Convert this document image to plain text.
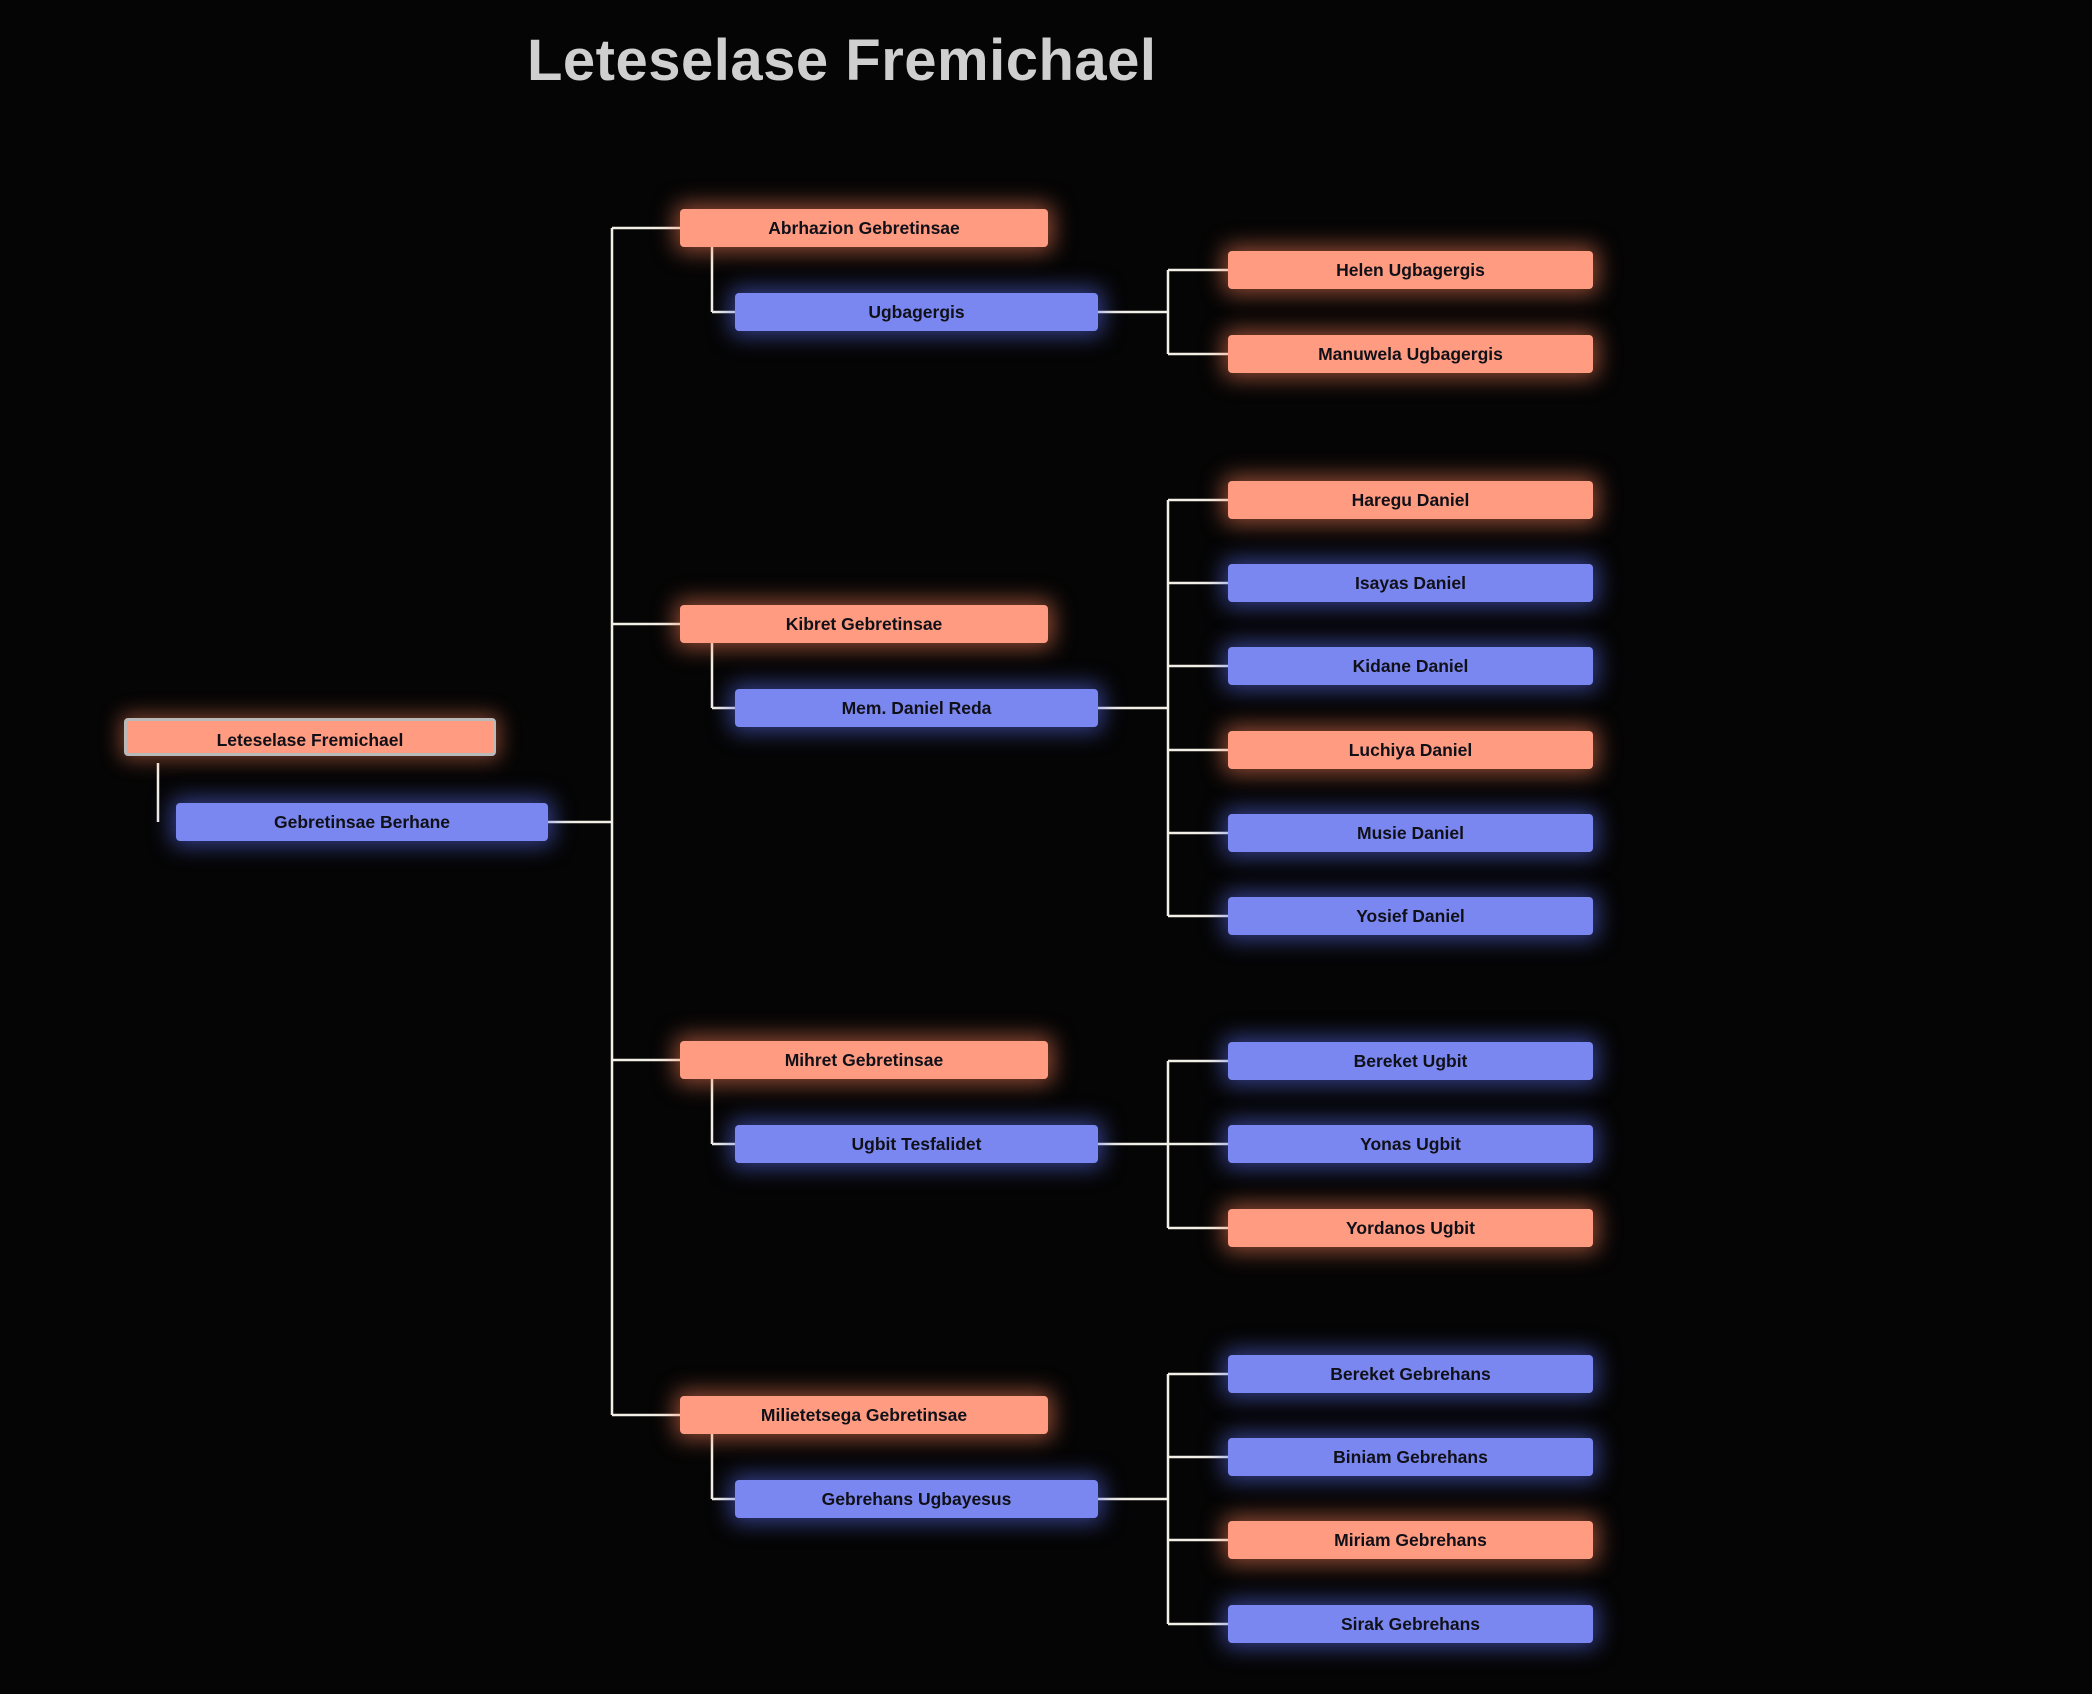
Leteselase Fremichael
Leteselase Fremichael
Gebretinsae Berhane
Abrhazion Gebretinsae
Ugbagergis
Helen Ugbagergis
Manuwela Ugbagergis
Kibret Gebretinsae
Mem. Daniel Reda
Haregu Daniel
Isayas Daniel
Kidane Daniel
Luchiya Daniel
Musie Daniel
Yosief Daniel
Mihret Gebretinsae
Ugbit Tesfalidet
Bereket Ugbit
Yonas Ugbit
Yordanos Ugbit
Milietetsega Gebretinsae
Gebrehans Ugbayesus
Bereket Gebrehans
Biniam Gebrehans
Miriam Gebrehans
Sirak Gebrehans
